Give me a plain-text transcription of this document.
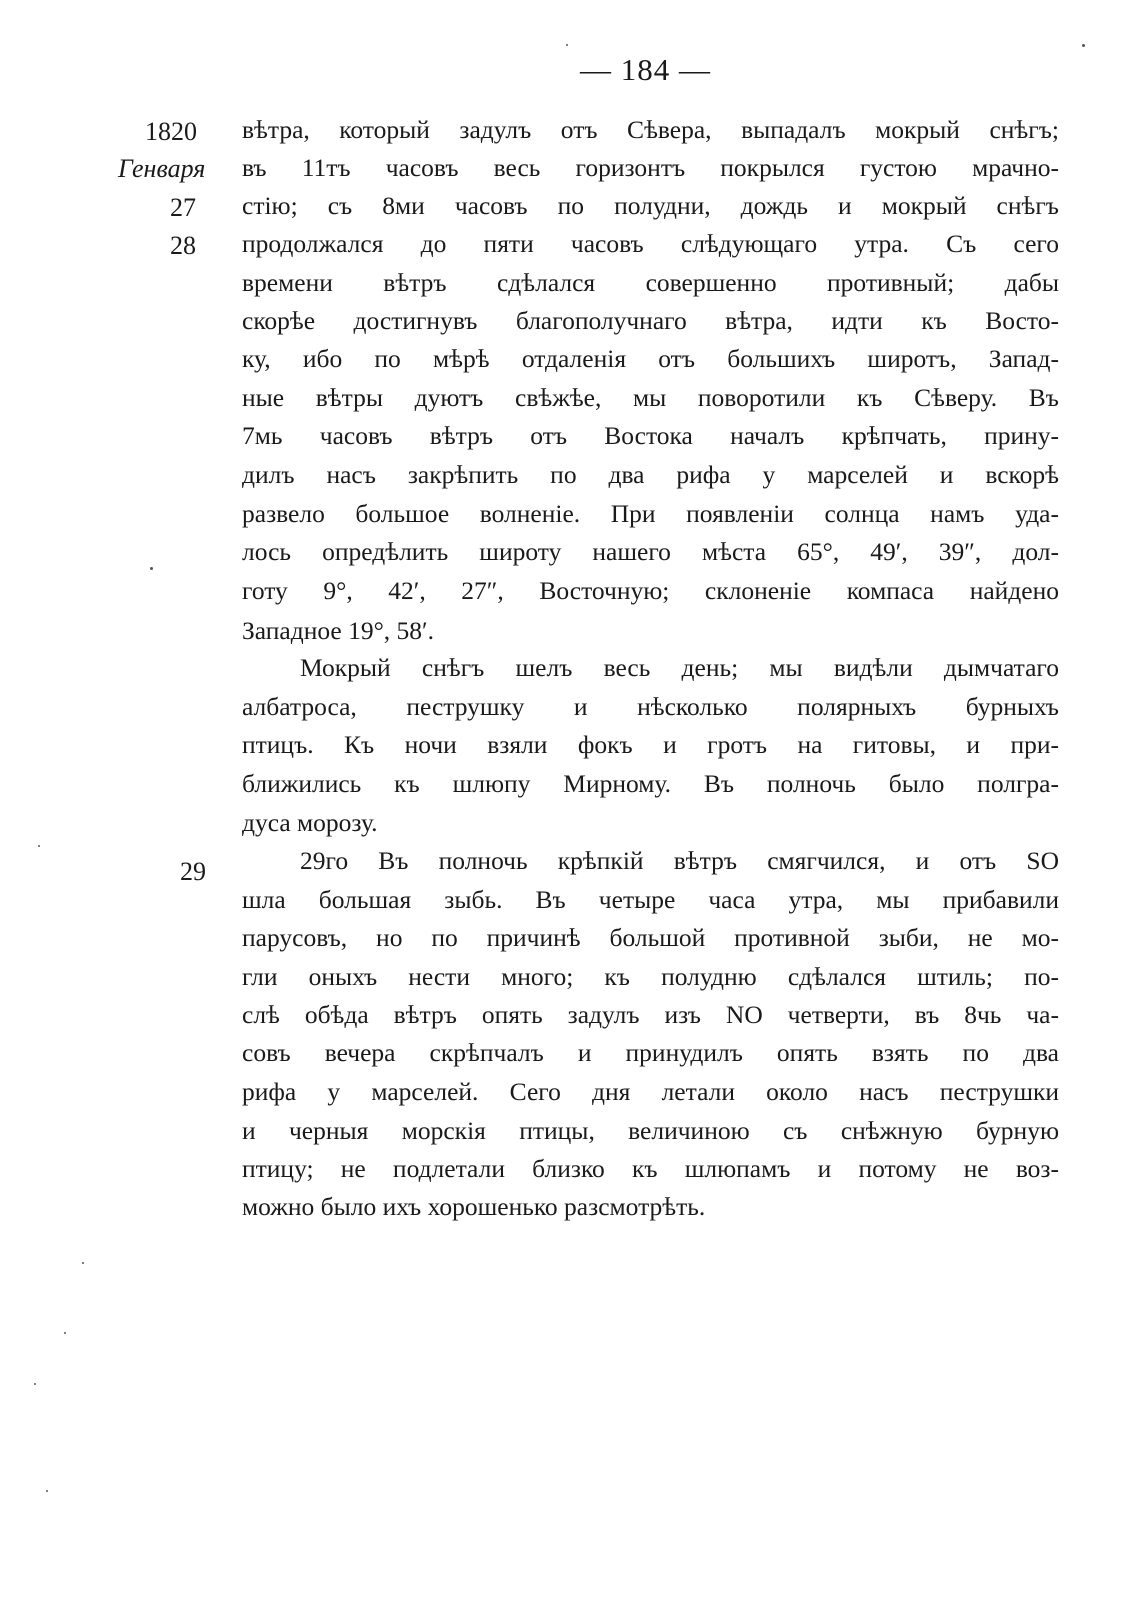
— 184 —
1820
Генваря
27
28
29
вѣтра, который задулъ отъ Сѣвера, выпадалъ мокрый снѣгъ;
въ 11тъ часовъ весь горизонтъ покрылся густою мрачно-
стію; съ 8ми часовъ по полудни, дождь и мокрый снѣгъ
продолжался до пяти часовъ слѣдующаго утра. Съ сего
времени вѣтръ сдѣлался совершенно противный; дабы
скорѣе достигнувъ благополучнаго вѣтра, идти къ Восто-
ку, ибо по мѣрѣ отдаленія отъ большихъ широтъ, Запад-
ные вѣтры дуютъ свѣжѣе, мы поворотили къ Сѣверу. Въ
7мь часовъ вѣтръ отъ Востока началъ крѣпчать, прину-
дилъ насъ закрѣпить по два рифа у марселей и вскорѣ
развело большое волненіе. При появленіи солнца намъ уда-
лось опредѣлить широту нашего мѣста 65°, 49′, 39″, дол-
готу 9°, 42′, 27″, Восточную; склоненіе компаса найдено
Западное 19°, 58′.
Мокрый снѣгъ шелъ весь день; мы видѣли дымчатаго
албатроса, пеструшку и нѣсколько полярныхъ бурныхъ
птицъ. Къ ночи взяли фокъ и гротъ на гитовы, и при-
ближились къ шлюпу Мирному. Въ полночь было полгра-
дуса морозу.
29го Въ полночь крѣпкій вѣтръ смягчился, и отъ SO
шла большая зыбь. Въ четыре часа утра, мы прибавили
парусовъ, но по причинѣ большой противной зыби, не мо-
гли оныхъ нести много; къ полудню сдѣлался штиль; по-
слѣ обѣда вѣтръ опять задулъ изъ NO четверти, въ 8чь ча-
совъ вечера скрѣпчалъ и принудилъ опять взять по два
рифа у марселей. Сего дня летали около насъ пеструшки
и черныя морскія птицы, величиною съ снѣжную бурную
птицу; не подлетали близко къ шлюпамъ и потому не воз-
можно было ихъ хорошенько разсмотрѣть.
